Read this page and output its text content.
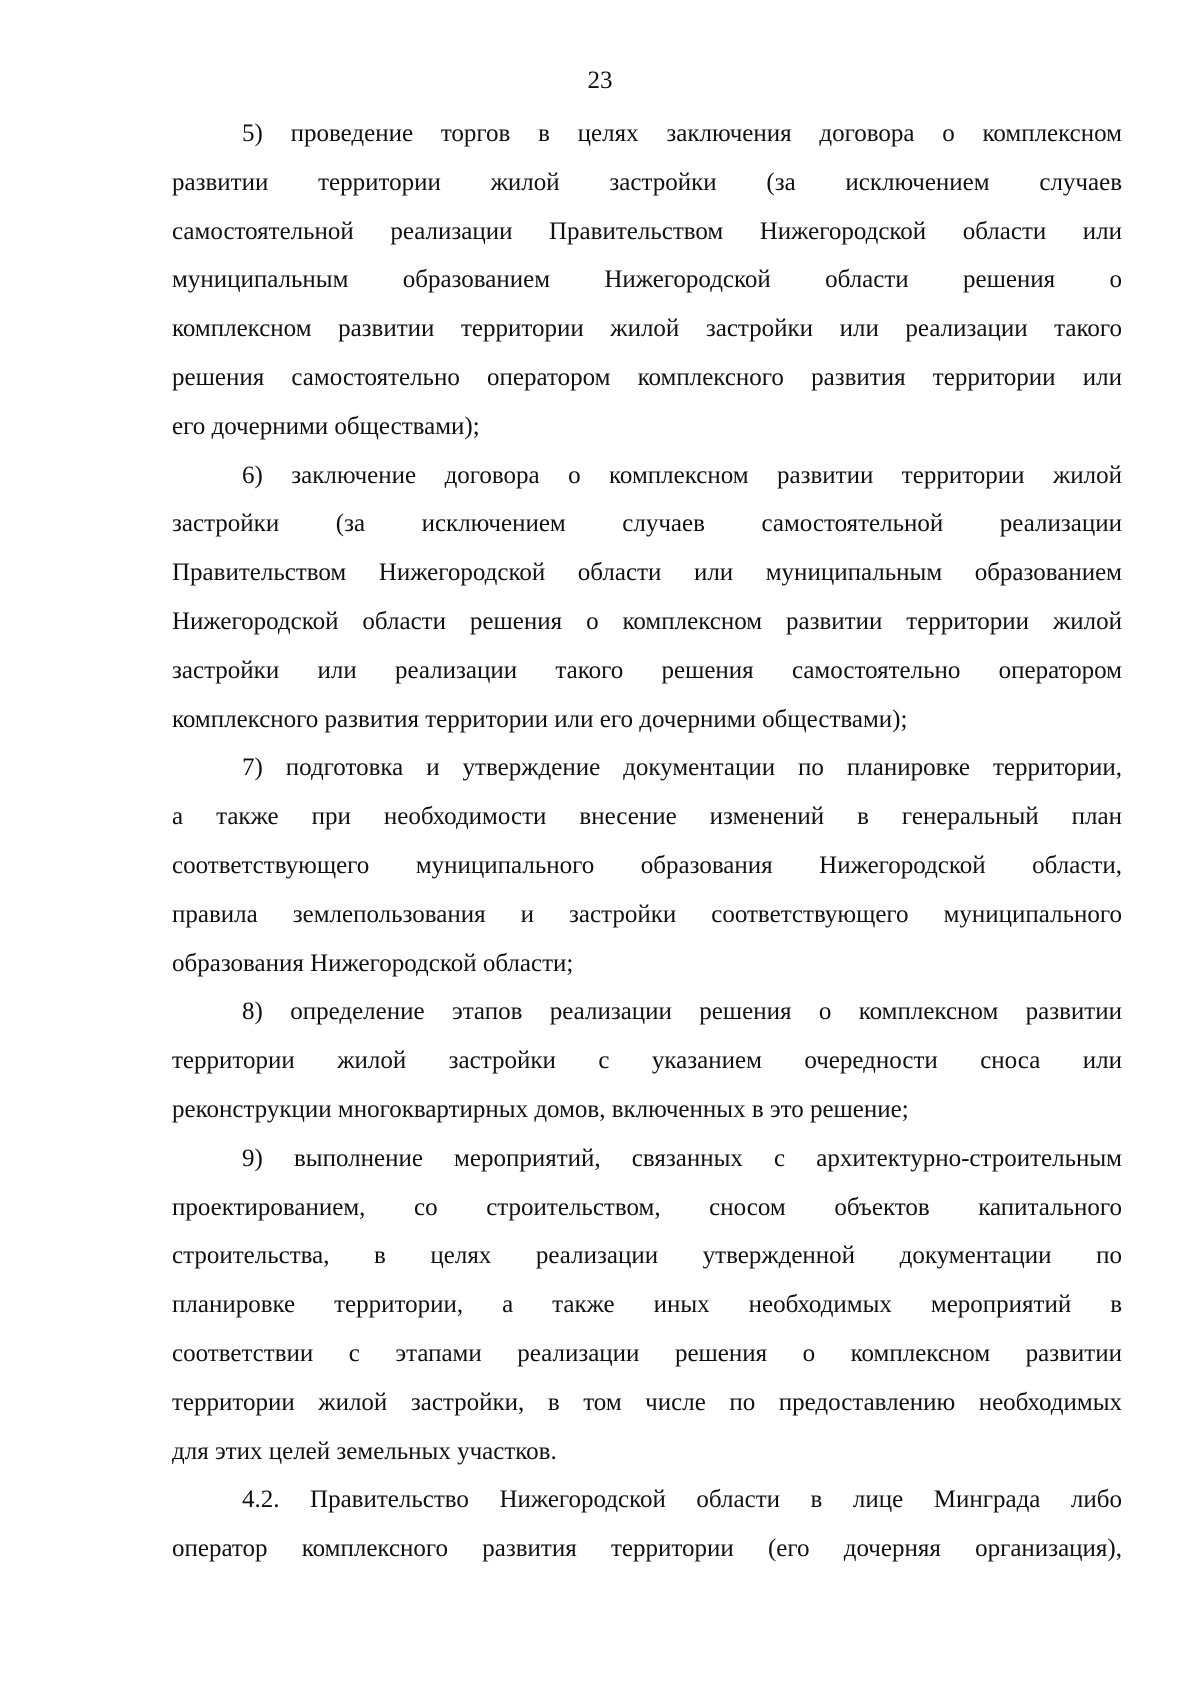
23

5) проведение торгов в целях заключения договора о комплексном
развитии территории жилой застройки (за исключением случаев
самостоятельной реализации Правительством Нижегородской области или
муниципальным образованием Нижегородской области решения о
комплексном развитии территории жилой застройки или реализации такого
решения самостоятельно оператором комплексного развития территории или
его дочерними обществами);

6) заключение договора о комплексном развитии территории жилой
застройки (за исключением случаев самостоятельной реализации
Правительством Нижегородской области или муниципальным образованием
Нижегородской области решения о комплексном развитии территории жилой
застройки или реализации такого решения самостоятельно оператором
комплексного развития территории или его дочерними обществами);

7) подготовка и утверждение документации по планировке территории,
а также при необходимости внесение изменений в генеральный план
соответствующего муниципального образования Нижегородской области,
правила землепользования и застройки соответствующего муниципального
образования Нижегородской области;

8) определение этапов реализации решения о комплексном развитии
территории жилой застройки с указанием очередности сноса или
реконструкции многоквартирных домов, включенных в это решение;

9) выполнение мероприятий, связанных с архитектурно-строительным
проектированием, со строительством, сносом объектов капитального
строительства, в целях реализации утвержденной документации по
планировке территории, а также иных необходимых мероприятий в
соответствии с этапами реализации решения о комплексном развитии
территории жилой застройки, в том числе по предоставлению необходимых
для этих целей земельных участков.

4.2. Правительство Нижегородской области в лице Минграда либо
оператор комплексного развития территории (его дочерняя организация),
